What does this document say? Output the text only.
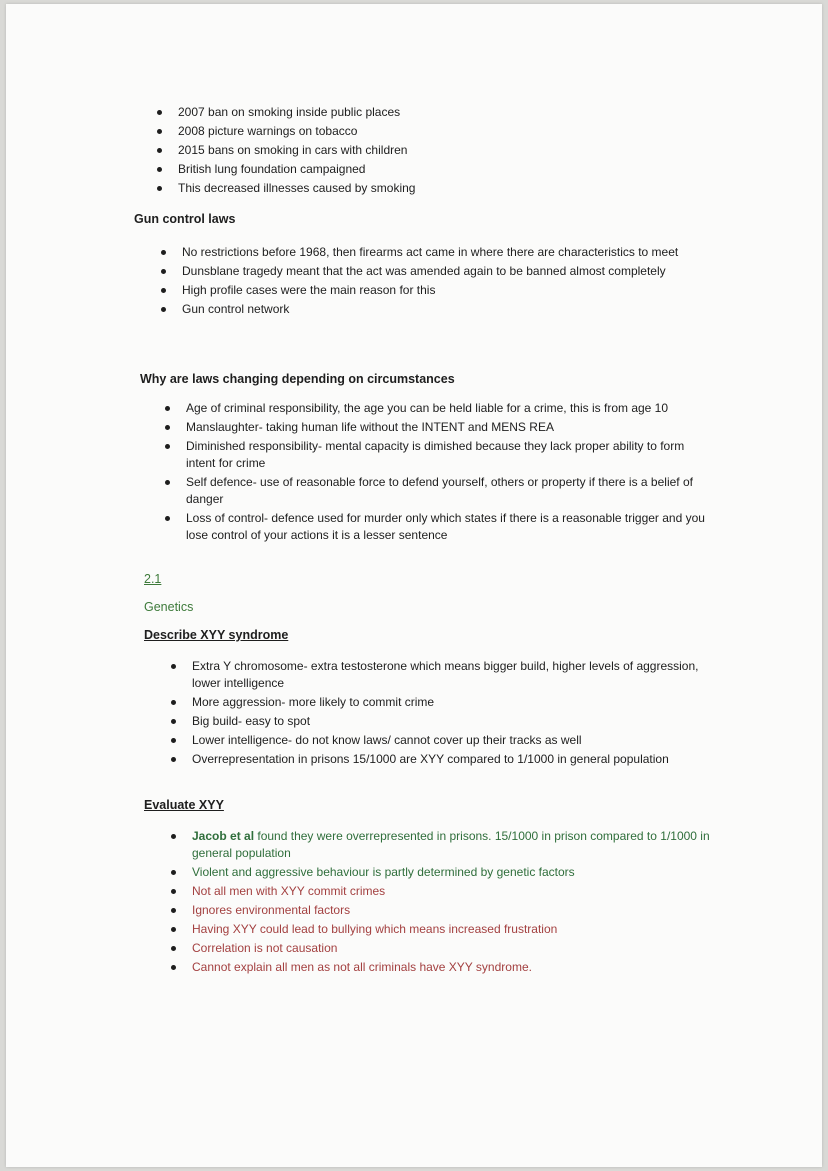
2007 ban on smoking inside public places
2008 picture warnings on tobacco
2015 bans on smoking in cars with children
British lung foundation campaigned
This decreased illnesses caused by smoking
Gun control laws
No restrictions before 1968, then firearms act came in where there are characteristics to meet
Dunsblane tragedy meant that the act was amended again to be banned almost completely
High profile cases were the main reason for this
Gun control network
Why are laws changing depending on circumstances
Age of criminal responsibility, the age you can be held liable for a crime, this is from age 10
Manslaughter- taking human life without the INTENT and MENS REA
Diminished responsibility- mental capacity is dimished because they lack proper ability to form intent for crime
Self defence- use of reasonable force to defend yourself, others or property if there is a belief of danger
Loss of control- defence used for murder only which states if there is a reasonable trigger and you lose control of your actions it is a lesser sentence
2.1
Genetics
Describe XYY syndrome
Extra Y chromosome- extra testosterone which means bigger build, higher levels of aggression, lower intelligence
More aggression- more likely to commit crime
Big build- easy to spot
Lower intelligence- do not know laws/ cannot cover up their tracks as well
Overrepresentation in prisons 15/1000 are XYY compared to 1/1000 in general population
Evaluate XYY
Jacob et al found they were overrepresented in prisons. 15/1000 in prison compared to 1/1000 in general population
Violent and aggressive behaviour is partly determined by genetic factors
Not all men with XYY commit crimes
Ignores environmental factors
Having XYY could lead to bullying which means increased frustration
Correlation is not causation
Cannot explain all men as not all criminals have XYY syndrome.
